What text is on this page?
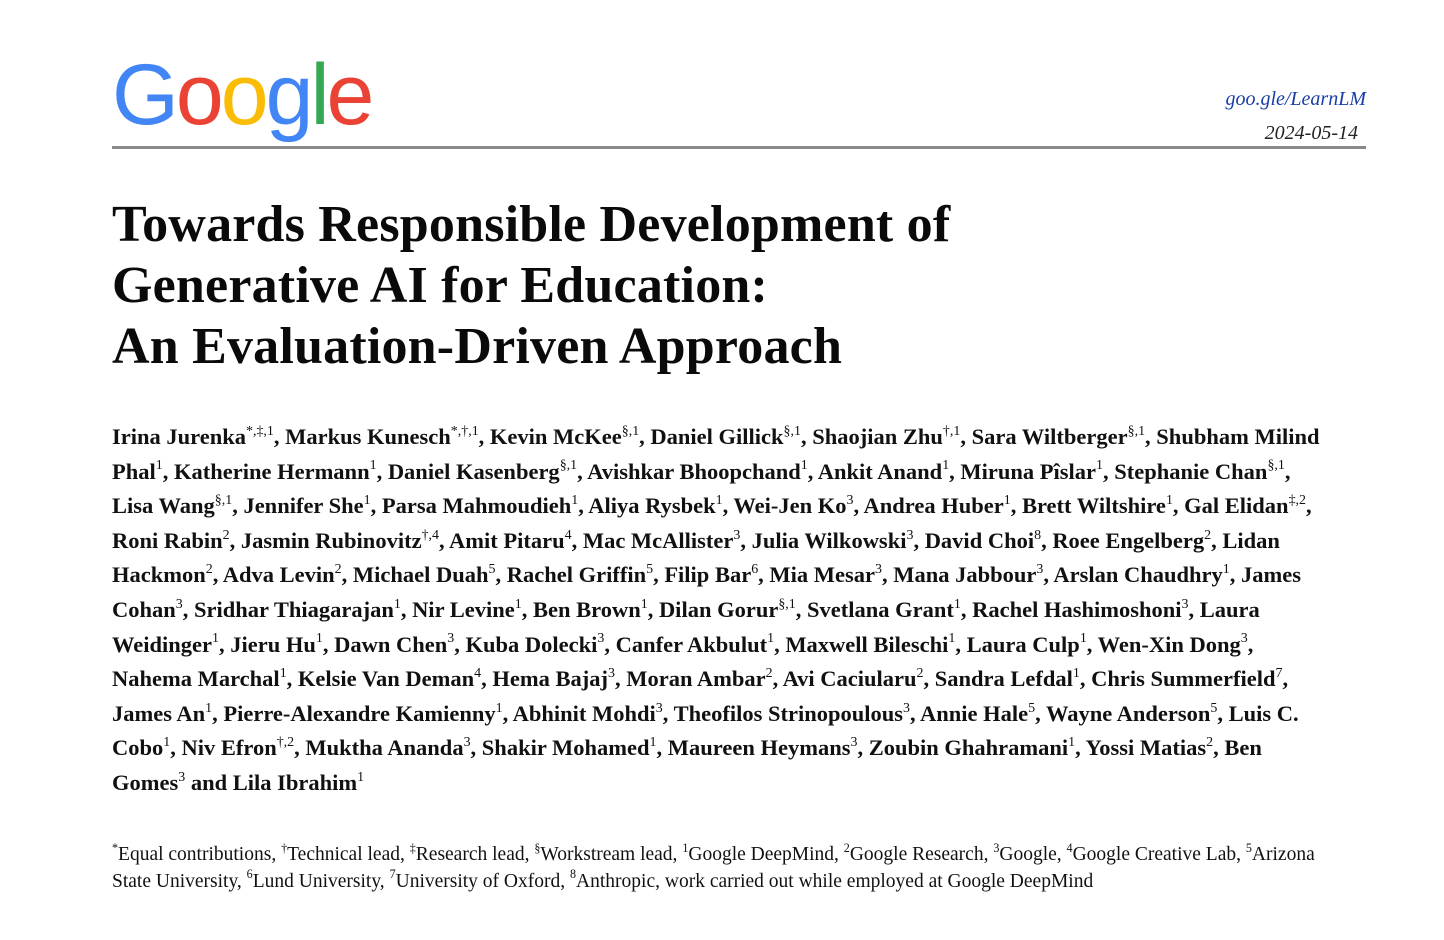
Google	goo.gle/LearnLM
2024-05-14
Towards Responsible Development of
Generative AI for Education:
An Evaluation-Driven Approach

Irina Jurenka$^{*,\ddagger,1}$, Markus Kunesch$^{*,\dagger,1}$, Kevin McKee$^{\S,1}$, Daniel Gillick$^{\S,1}$, Shaojian Zhu$^{\dagger,1}$, Sara Wiltberger$^{\S,1}$, Shubham Milind Phal$^1$, Katherine Hermann$^1$, Daniel Kasenberg$^{\S,1}$, Avishkar Bhoopchand$^1$, Ankit Anand$^1$, Miruna Pîslar$^1$, Stephanie Chan$^{\S,1}$, Lisa Wang$^{\S,1}$, Jennifer She$^1$, Parsa Mahmoudieh$^1$, Aliya Rysbek$^1$, Wei-Jen Ko$^3$, Andrea Huber$^1$, Brett Wiltshire$^1$, Gal Elidan$^{\ddagger,2}$, Roni Rabin$^2$, Jasmin Rubinovitz$^{\dagger,4}$, Amit Pitaru$^4$, Mac McAllister$^3$, Julia Wilkowski$^3$, David Choi$^8$, Roee Engelberg$^2$, Lidan Hackmon$^2$, Adva Levin$^2$, Michael Duah$^5$, Rachel Griffin$^5$, Filip Bar$^6$, Mia Mesar$^3$, Mana Jabbour$^3$, Arslan Chaudhry$^1$, James Cohan$^3$, Sridhar Thiagarajan$^1$, Nir Levine$^1$, Ben Brown$^1$, Dilan Gorur$^{\S,1}$, Svetlana Grant$^1$, Rachel Hashimoshoni$^3$, Laura Weidinger$^1$, Jieru Hu$^1$, Dawn Chen$^3$, Kuba Dolecki$^3$, Canfer Akbulut$^1$, Maxwell Bileschi$^1$, Laura Culp$^1$, Wen-Xin Dong$^3$, Nahema Marchal$^1$, Kelsie Van Deman$^4$, Hema Bajaj$^3$, Moran Ambar$^2$, Avi Caciularu$^2$, Sandra Lefdal$^1$, Chris Summerfield$^7$, James An$^1$, Pierre-Alexandre Kamienny$^1$, Abhinit Mohdi$^3$, Theofilos Strinopoulous$^3$, Annie Hale$^5$, Wayne Anderson$^5$, Luis C. Cobo$^1$, Niv Efron$^{\dagger,2}$, Muktha Ananda$^3$, Shakir Mohamed$^1$, Maureen Heymans$^3$, Zoubin Ghahramani$^1$, Yossi Matias$^2$, Ben Gomes$^3$ and Lila Ibrahim$^1$

*Equal contributions, †Technical lead, ‡Research lead, §Workstream lead, $^1$Google DeepMind, $^2$Google Research, $^3$Google, $^4$Google Creative Lab, $^5$Arizona State University, $^6$Lund University, $^7$University of Oxford, $^8$Anthropic, work carried out while employed at Google DeepMind
